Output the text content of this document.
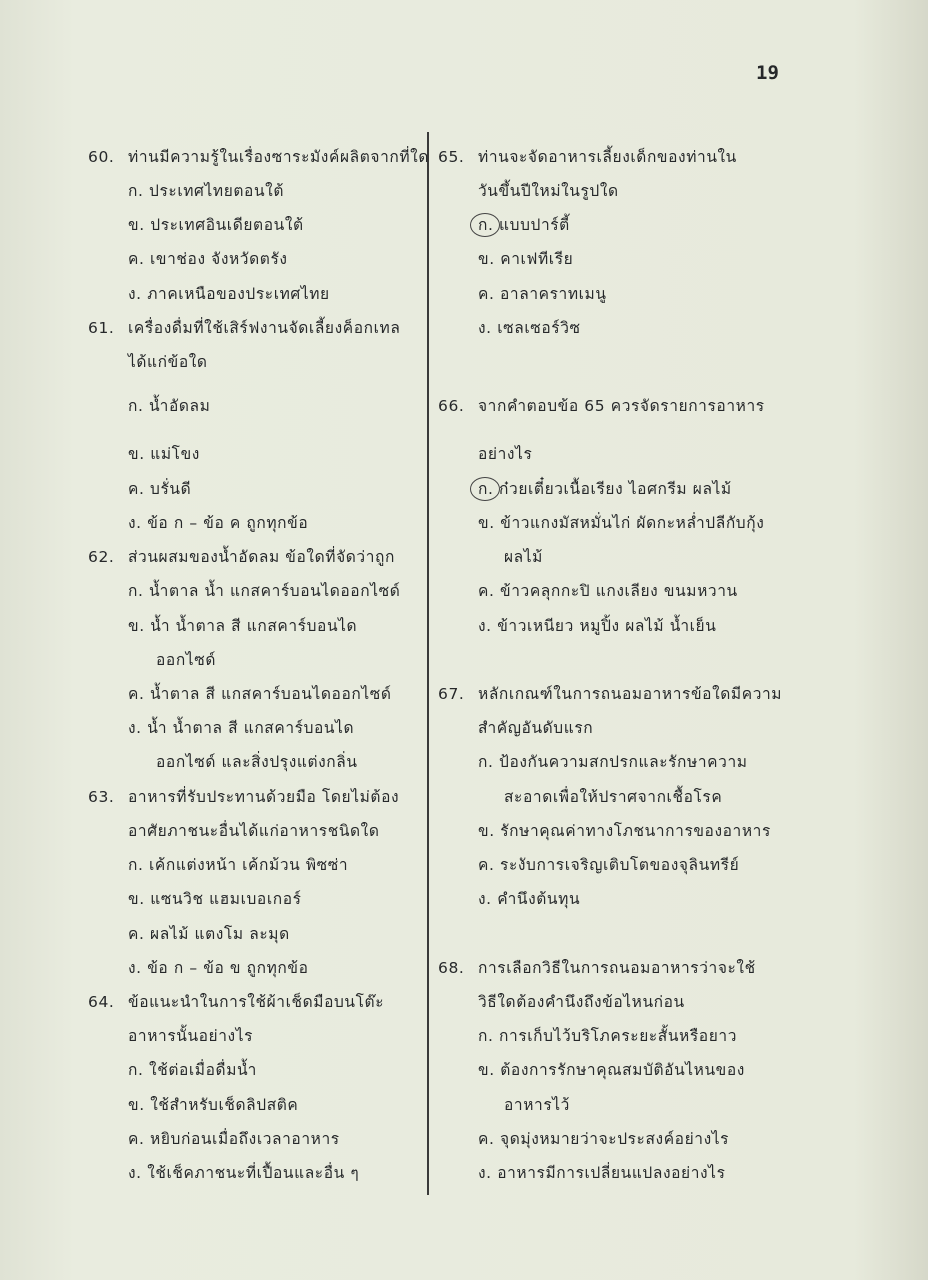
19
60. ท่านมีความรู้ในเรื่องซาระมังค์ผลิตจากที่ใด
ก. ประเทศไทยตอนใต้
ข. ประเทศอินเดียตอนใต้
ค. เขาช่อง จังหวัดตรัง
ง. ภาคเหนือของประเทศไทย
61. เครื่องดื่มที่ใช้เสิร์ฟงานจัดเลี้ยงค็อกเทล
ได้แก่ข้อใด
ก. น้ำอัดลม
ข. แม่โขง
ค. บรั่นดี
ง. ข้อ ก – ข้อ ค ถูกทุกข้อ
62. ส่วนผสมของน้ำอัดลม ข้อใดที่จัดว่าถูก
ก. น้ำตาล น้ำ แกสคาร์บอนไดออกไซด์
ข. น้ำ น้ำตาล สี แกสคาร์บอนได
ออกไซด์
ค. น้ำตาล สี แกสคาร์บอนไดออกไซด์
ง. น้ำ น้ำตาล สี แกสคาร์บอนได
ออกไซด์ และสิ่งปรุงแต่งกลิ่น
63. อาหารที่รับประทานด้วยมือ โดยไม่ต้อง
อาศัยภาชนะอื่นได้แก่อาหารชนิดใด
ก. เค้กแต่งหน้า เค้กม้วน พิซซ่า
ข. แซนวิช แฮมเบอเกอร์
ค. ผลไม้ แตงโม ละมุด
ง. ข้อ ก – ข้อ ข ถูกทุกข้อ
64. ข้อแนะนำในการใช้ผ้าเช็ดมือบนโต๊ะ
อาหารนั้นอย่างไร
ก. ใช้ต่อเมื่อดื่มน้ำ
ข. ใช้สำหรับเช็ดลิปสติค
ค. หยิบก่อนเมื่อถึงเวลาอาหาร
ง. ใช้เช็คภาชนะที่เปื้อนและอื่น ๆ
65. ท่านจะจัดอาหารเลี้ยงเด็กของท่านใน
วันขึ้นปีใหม่ในรูปใด
ก. แบบปาร์ตี้
ข. คาเฟทีเรีย
ค. อาลาคราทเมนู
ง. เซลเซอร์วิซ
66. จากคำตอบข้อ 65 ควรจัดรายการอาหาร
อย่างไร
ก. ก๋วยเตี๋ยวเนื้อเรียง ไอศกรีม ผลไม้
ข. ข้าวแกงมัสหมั่นไก่ ผัดกะหล่ำปลีกับกุ้ง
ผลไม้
ค. ข้าวคลุกกะปิ แกงเลียง ขนมหวาน
ง. ข้าวเหนียว หมูปิ้ง ผลไม้ น้ำเย็น
67. หลักเกณฑ์ในการถนอมอาหารข้อใดมีความ
สำคัญอันดับแรก
ก. ป้องกันความสกปรกและรักษาความ
สะอาดเพื่อให้ปราศจากเชื้อโรค
ข. รักษาคุณค่าทางโภชนาการของอาหาร
ค. ระงับการเจริญเติบโตของจุลินทรีย์
ง. คำนึงต้นทุน
68. การเลือกวิธีในการถนอมอาหารว่าจะใช้
วิธีใดต้องคำนึงถึงข้อไหนก่อน
ก. การเก็บไว้บริโภคระยะสั้นหรือยาว
ข. ต้องการรักษาคุณสมบัติอันไหนของ
อาหารไว้
ค. จุดมุ่งหมายว่าจะประสงค์อย่างไร
ง. อาหารมีการเปลี่ยนแปลงอย่างไร
